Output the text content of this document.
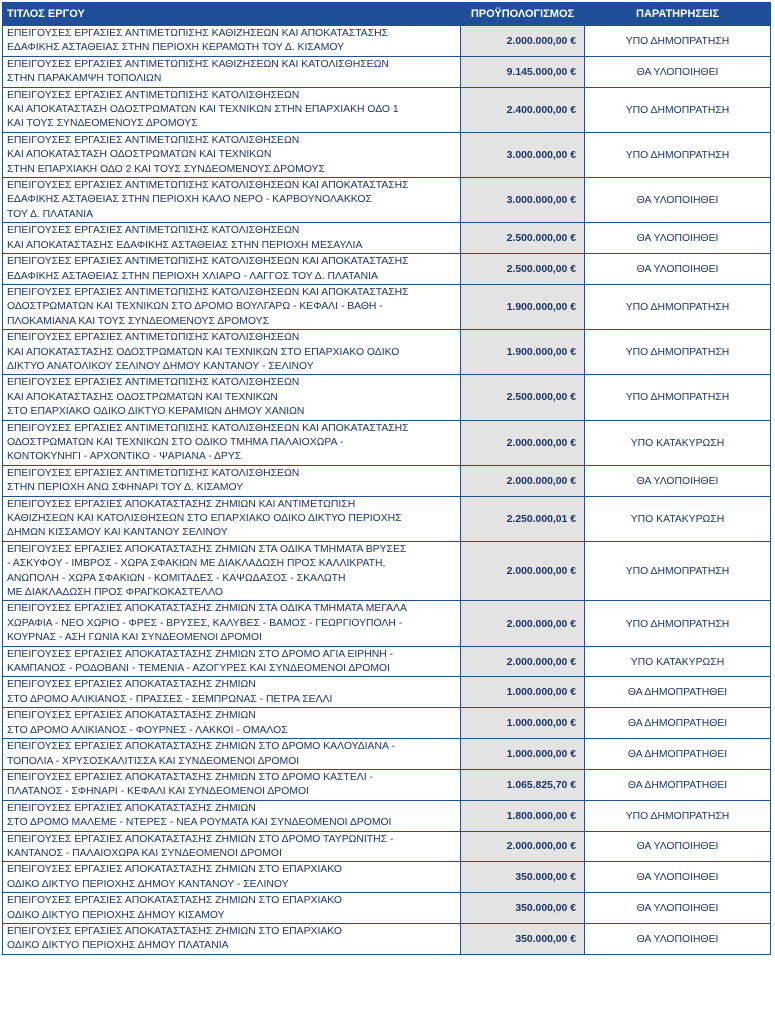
ΤΙΤΛΟΣ ΕΡΓΟΥ	ΠΡΟΫΠΟΛΟΓΙΣΜΟΣ	ΠΑΡΑΤΗΡΗΣΕΙΣ
ΕΠΕΙΓΟΥΣΕΣ ΕΡΓΑΣΙΕΣ ΑΝΤΙΜΕΤΩΠΙΣΗΣ ΚΑΘΙΖΗΣΕΩΝ ΚΑΙ ΑΠΟΚΑΤΑΣΤΑΣΗΣ
ΕΔΑΦΙΚΗΣ ΑΣΤΑΘΕΙΑΣ ΣΤΗΝ ΠΕΡΙΟΧΗ ΚΕΡΑΜΩΤΗ ΤΟΥ Δ. ΚΙΣΑΜΟΥ	2.000.000,00 €	ΥΠΟ ΔΗΜΟΠΡΑΤΗΣΗ
ΕΠΕΙΓΟΥΣΕΣ ΕΡΓΑΣΙΕΣ ΑΝΤΙΜΕΤΩΠΙΣΗΣ ΚΑΘΙΖΗΣΕΩΝ ΚΑΙ ΚΑΤΟΛΙΣΘΗΣΕΩΝ
ΣΤΗΝ ΠΑΡΑΚΑΜΨΗ ΤΟΠΟΛΙΩΝ	9.145.000,00 €	ΘΑ ΥΛΟΠΟΙΗΘΕΙ
ΕΠΕΙΓΟΥΣΕΣ ΕΡΓΑΣΙΕΣ ΑΝΤΙΜΕΤΩΠΙΣΗΣ ΚΑΤΟΛΙΣΘΗΣΕΩΝ
ΚΑΙ ΑΠΟΚΑΤΑΣΤΑΣΗ ΟΔΟΣΤΡΩΜΑΤΩΝ ΚΑΙ ΤΕΧΝΙΚΩΝ ΣΤΗΝ ΕΠΑΡΧΙΑΚΗ ΟΔΟ 1
ΚΑΙ ΤΟΥΣ ΣΥΝΔΕΟΜΕΝΟΥΣ ΔΡΟΜΟΥΣ	2.400.000,00 €	ΥΠΟ ΔΗΜΟΠΡΑΤΗΣΗ
ΕΠΕΙΓΟΥΣΕΣ ΕΡΓΑΣΙΕΣ ΑΝΤΙΜΕΤΩΠΙΣΗΣ ΚΑΤΟΛΙΣΘΗΣΕΩΝ
ΚΑΙ ΑΠΟΚΑΤΑΣΤΑΣΗ ΟΔΟΣΤΡΩΜΑΤΩΝ ΚΑΙ ΤΕΧΝΙΚΩΝ
ΣΤΗΝ ΕΠΑΡΧΙΑΚΗ ΟΔΟ 2 ΚΑΙ ΤΟΥΣ ΣΥΝΔΕΟΜΕΝΟΥΣ ΔΡΟΜΟΥΣ	3.000.000,00 €	ΥΠΟ ΔΗΜΟΠΡΑΤΗΣΗ
ΕΠΕΙΓΟΥΣΕΣ ΕΡΓΑΣΙΕΣ ΑΝΤΙΜΕΤΩΠΙΣΗΣ ΚΑΤΟΛΙΣΘΗΣΕΩΝ ΚΑΙ ΑΠΟΚΑΤΑΣΤΑΣΗΣ
ΕΔΑΦΙΚΗΣ ΑΣΤΑΘΕΙΑΣ ΣΤΗΝ ΠΕΡΙΟΧΗ ΚΑΛΟ ΝΕΡΟ - ΚΑΡΒΟΥΝΟΛΑΚΚΟΣ
ΤΟΥ Δ. ΠΛΑΤΑΝΙΑ	3.000.000,00 €	ΘΑ ΥΛΟΠΟΙΗΘΕΙ
ΕΠΕΙΓΟΥΣΕΣ ΕΡΓΑΣΙΕΣ ΑΝΤΙΜΕΤΩΠΙΣΗΣ ΚΑΤΟΛΙΣΘΗΣΕΩΝ
ΚΑΙ ΑΠΟΚΑΤΑΣΤΑΣΗΣ ΕΔΑΦΙΚΗΣ ΑΣΤΑΘΕΙΑΣ ΣΤΗΝ ΠΕΡΙΟΧΗ ΜΕΣΑΥΛΙΑ	2.500.000,00 €	ΘΑ ΥΛΟΠΟΙΗΘΕΙ
ΕΠΕΙΓΟΥΣΕΣ ΕΡΓΑΣΙΕΣ ΑΝΤΙΜΕΤΩΠΙΣΗΣ ΚΑΤΟΛΙΣΘΗΣΕΩΝ ΚΑΙ ΑΠΟΚΑΤΑΣΤΑΣΗΣ
ΕΔΑΦΙΚΗΣ ΑΣΤΑΘΕΙΑΣ ΣΤΗΝ ΠΕΡΙΟΧΗ ΧΛΙΑΡΟ - ΛΑΓΓΟΣ ΤΟΥ Δ. ΠΛΑΤΑΝΙΑ	2.500.000,00 €	ΘΑ ΥΛΟΠΟΙΗΘΕΙ
ΕΠΕΙΓΟΥΣΕΣ ΕΡΓΑΣΙΕΣ ΑΝΤΙΜΕΤΩΠΙΣΗΣ ΚΑΤΟΛΙΣΘΗΣΕΩΝ ΚΑΙ ΑΠΟΚΑΤΑΣΤΑΣΗΣ
ΟΔΟΣΤΡΩΜΑΤΩΝ ΚΑΙ ΤΕΧΝΙΚΩΝ ΣΤΟ ΔΡΟΜΟ ΒΟΥΛΓΑΡΩ - ΚΕΦΑΛΙ - ΒΑΘΗ -
ΠΛΟΚΑΜΙΑΝΑ ΚΑΙ ΤΟΥΣ ΣΥΝΔΕΟΜΕΝΟΥΣ ΔΡΟΜΟΥΣ	1.900.000,00 €	ΥΠΟ ΔΗΜΟΠΡΑΤΗΣΗ
ΕΠΕΙΓΟΥΣΕΣ ΕΡΓΑΣΙΕΣ ΑΝΤΙΜΕΤΩΠΙΣΗΣ ΚΑΤΟΛΙΣΘΗΣΕΩΝ
ΚΑΙ ΑΠΟΚΑΤΑΣΤΑΣΗΣ ΟΔΟΣΤΡΩΜΑΤΩΝ ΚΑΙ ΤΕΧΝΙΚΩΝ ΣΤΟ ΕΠΑΡΧΙΑΚΟ ΟΔΙΚΟ
ΔΙΚΤΥΟ ΑΝΑΤΟΛΙΚΟΥ ΣΕΛΙΝΟΥ ΔΗΜΟΥ ΚΑΝΤΑΝΟΥ - ΣΕΛΙΝΟΥ	1.900.000,00 €	ΥΠΟ ΔΗΜΟΠΡΑΤΗΣΗ
ΕΠΕΙΓΟΥΣΕΣ ΕΡΓΑΣΙΕΣ ΑΝΤΙΜΕΤΩΠΙΣΗΣ ΚΑΤΟΛΙΣΘΗΣΕΩΝ
ΚΑΙ ΑΠΟΚΑΤΑΣΤΑΣΗΣ ΟΔΟΣΤΡΩΜΑΤΩΝ ΚΑΙ ΤΕΧΝΙΚΩΝ
ΣΤΟ ΕΠΑΡΧΙΑΚΟ ΟΔΙΚΟ ΔΙΚΤΥΟ ΚΕΡΑΜΙΩΝ ΔΗΜΟΥ ΧΑΝΙΩΝ	2.500.000,00 €	ΥΠΟ ΔΗΜΟΠΡΑΤΗΣΗ
ΕΠΕΙΓΟΥΣΕΣ ΕΡΓΑΣΙΕΣ ΑΝΤΙΜΕΤΩΠΙΣΗΣ ΚΑΤΟΛΙΣΘΗΣΕΩΝ ΚΑΙ ΑΠΟΚΑΤΑΣΤΑΣΗΣ
ΟΔΟΣΤΡΩΜΑΤΩΝ ΚΑΙ ΤΕΧΝΙΚΩΝ ΣΤΟ ΟΔΙΚΟ ΤΜΗΜΑ ΠΑΛΑΙΟΧΩΡΑ -
ΚΟΝΤΟΚΥΝΗΓΙ - ΑΡΧΟΝΤΙΚΟ - ΨΑΡΙΑΝΑ - ΔΡΥΣ	2.000.000,00 €	ΥΠΟ ΚΑΤΑΚΥΡΩΣΗ
ΕΠΕΙΓΟΥΣΕΣ ΕΡΓΑΣΙΕΣ ΑΝΤΙΜΕΤΩΠΙΣΗΣ ΚΑΤΟΛΙΣΘΗΣΕΩΝ
ΣΤΗΝ ΠΕΡΙΟΧΗ ΑΝΩ ΣΦΗΝΑΡΙ ΤΟΥ Δ. ΚΙΣΑΜΟΥ	2.000.000,00 €	ΘΑ ΥΛΟΠΟΙΗΘΕΙ
ΕΠΕΙΓΟΥΣΕΣ ΕΡΓΑΣΙΕΣ ΑΠΟΚΑΤΑΣΤΑΣΗΣ ΖΗΜΙΩΝ ΚΑΙ ΑΝΤΙΜΕΤΩΠΙΣΗ
ΚΑΘΙΖΗΣΕΩΝ ΚΑΙ ΚΑΤΟΛΙΣΘΗΣΕΩΝ ΣΤΟ ΕΠΑΡΧΙΑΚΟ ΟΔΙΚΟ ΔΙΚΤΥΟ ΠΕΡΙΟΧΗΣ
ΔΗΜΩΝ ΚΙΣΣΑΜΟΥ ΚΑΙ ΚΑΝΤΑΝΟΥ ΣΕΛΙΝΟΥ	2.250.000,01 €	ΥΠΟ ΚΑΤΑΚΥΡΩΣΗ
ΕΠΕΙΓΟΥΣΕΣ ΕΡΓΑΣΙΕΣ ΑΠΟΚΑΤΑΣΤΑΣΗΣ ΖΗΜΙΩΝ ΣΤΑ ΟΔΙΚΑ ΤΜΗΜΑΤΑ ΒΡΥΣΕΣ
- ΑΣΚΥΦΟΥ - ΙΜΒΡΟΣ - ΧΩΡΑ ΣΦΑΚΙΩΝ ΜΕ ΔΙΑΚΛΑΔΩΣΗ ΠΡΟΣ ΚΑΛΛΙΚΡΑΤΗ,
ΑΝΩΠΟΛΗ - ΧΩΡΑ ΣΦΑΚΙΩΝ - ΚΟΜΙΤΑΔΕΣ - ΚΑΨΩΔΑΣΟΣ - ΣΚΑΛΩΤΗ
ΜΕ ΔΙΑΚΛΑΔΩΣΗ ΠΡΟΣ ΦΡΑΓΚΟΚΑΣΤΕΛΛΟ	2.000.000,00 €	ΥΠΟ ΔΗΜΟΠΡΑΤΗΣΗ
ΕΠΕΙΓΟΥΣΕΣ ΕΡΓΑΣΙΕΣ ΑΠΟΚΑΤΑΣΤΑΣΗΣ ΖΗΜΙΩΝ ΣΤΑ ΟΔΙΚΑ ΤΜΗΜΑΤΑ ΜΕΓΑΛΑ
ΧΩΡΑΦΙΑ - ΝΕΟ ΧΩΡΙΟ - ΦΡΕΣ - ΒΡΥΣΕΣ, ΚΑΛΥΒΕΣ - ΒΑΜΟΣ - ΓΕΩΡΓΙΟΥΠΟΛΗ -
ΚΟΥΡΝΑΣ - ΑΣΗ ΓΩΝΙΑ ΚΑΙ ΣΥΝΔΕΟΜΕΝΟΙ ΔΡΟΜΟΙ	2.000.000,00 €	ΥΠΟ ΔΗΜΟΠΡΑΤΗΣΗ
ΕΠΕΙΓΟΥΣΕΣ ΕΡΓΑΣΙΕΣ ΑΠΟΚΑΤΑΣΤΑΣΗΣ ΖΗΜΙΩΝ ΣΤΟ ΔΡΟΜΟ ΑΓΙΑ ΕΙΡΗΝΗ -
ΚΑΜΠΑΝΟΣ - ΡΟΔΟΒΑΝΙ - ΤΕΜΕΝΙΑ - ΑΖΟΓΥΡΕΣ ΚΑΙ ΣΥΝΔΕΟΜΕΝΟΙ ΔΡΟΜΟΙ	2.000.000,00 €	ΥΠΟ ΚΑΤΑΚΥΡΩΣΗ
ΕΠΕΙΓΟΥΣΕΣ ΕΡΓΑΣΙΕΣ ΑΠΟΚΑΤΑΣΤΑΣΗΣ ΖΗΜΙΩΝ
ΣΤΟ ΔΡΟΜΟ ΑΛΙΚΙΑΝΟΣ - ΠΡΑΣΣΕΣ - ΣΕΜΠΡΩΝΑΣ - ΠΕΤΡΑ ΣΕΛΛΙ	1.000.000,00 €	ΘΑ ΔΗΜΟΠΡΑΤΗΘΕΙ
ΕΠΕΙΓΟΥΣΕΣ ΕΡΓΑΣΙΕΣ ΑΠΟΚΑΤΑΣΤΑΣΗΣ ΖΗΜΙΩΝ
ΣΤΟ ΔΡΟΜΟ ΑΛΙΚΙΑΝΟΣ - ΦΟΥΡΝΕΣ - ΛΑΚΚΟΙ - ΟΜΑΛΟΣ	1.000.000,00 €	ΘΑ ΔΗΜΟΠΡΑΤΗΘΕΙ
ΕΠΕΙΓΟΥΣΕΣ ΕΡΓΑΣΙΕΣ ΑΠΟΚΑΤΑΣΤΑΣΗΣ ΖΗΜΙΩΝ ΣΤΟ ΔΡΟΜΟ ΚΑΛΟΥΔΙΑΝΑ -
ΤΟΠΟΛΙΑ - ΧΡΥΣΟΣΚΑΛΙΤΙΣΣΑ ΚΑΙ ΣΥΝΔΕΟΜΕΝΟΙ ΔΡΟΜΟΙ	1.000.000,00 €	ΘΑ ΔΗΜΟΠΡΑΤΗΘΕΙ
ΕΠΕΙΓΟΥΣΕΣ ΕΡΓΑΣΙΕΣ ΑΠΟΚΑΤΑΣΤΑΣΗΣ ΖΗΜΙΩΝ ΣΤΟ ΔΡΟΜΟ ΚΑΣΤΕΛΙ -
ΠΛΑΤΑΝΟΣ - ΣΦΗΝΑΡΙ - ΚΕΦΑΛΙ ΚΑΙ ΣΥΝΔΕΟΜΕΝΟΙ ΔΡΟΜΟΙ	1.065.825,70 €	ΘΑ ΔΗΜΟΠΡΑΤΗΘΕΙ
ΕΠΕΙΓΟΥΣΕΣ ΕΡΓΑΣΙΕΣ ΑΠΟΚΑΤΑΣΤΑΣΗΣ ΖΗΜΙΩΝ
ΣΤΟ ΔΡΟΜΟ ΜΑΛΕΜΕ - ΝΤΕΡΕΣ - ΝΕΑ ΡΟΥΜΑΤΑ ΚΑΙ ΣΥΝΔΕΟΜΕΝΟΙ ΔΡΟΜΟΙ	1.800.000,00 €	ΥΠΟ ΔΗΜΟΠΡΑΤΗΣΗ
ΕΠΕΙΓΟΥΣΕΣ ΕΡΓΑΣΙΕΣ ΑΠΟΚΑΤΑΣΤΑΣΗΣ ΖΗΜΙΩΝ ΣΤΟ ΔΡΟΜΟ ΤΑΥΡΩΝΙΤΗΣ -
ΚΑΝΤΑΝΟΣ - ΠΑΛΑΙΟΧΩΡΑ ΚΑΙ ΣΥΝΔΕΟΜΕΝΟΙ ΔΡΟΜΟΙ	2.000.000,00 €	ΘΑ ΥΛΟΠΟΙΗΘΕΙ
ΕΠΕΙΓΟΥΣΕΣ ΕΡΓΑΣΙΕΣ ΑΠΟΚΑΤΑΣΤΑΣΗΣ ΖΗΜΙΩΝ ΣΤΟ ΕΠΑΡΧΙΑΚΟ
ΟΔΙΚΟ ΔΙΚΤΥΟ ΠΕΡΙΟΧΗΣ ΔΗΜΟΥ ΚΑΝΤΑΝΟΥ - ΣΕΛΙΝΟΥ	350.000,00 €	ΘΑ ΥΛΟΠΟΙΗΘΕΙ
ΕΠΕΙΓΟΥΣΕΣ ΕΡΓΑΣΙΕΣ ΑΠΟΚΑΤΑΣΤΑΣΗΣ ΖΗΜΙΩΝ ΣΤΟ ΕΠΑΡΧΙΑΚΟ
ΟΔΙΚΟ ΔΙΚΤΥΟ ΠΕΡΙΟΧΗΣ ΔΗΜΟΥ ΚΙΣΑΜΟΥ	350.000,00 €	ΘΑ ΥΛΟΠΟΙΗΘΕΙ
ΕΠΕΙΓΟΥΣΕΣ ΕΡΓΑΣΙΕΣ ΑΠΟΚΑΤΑΣΤΑΣΗΣ ΖΗΜΙΩΝ ΣΤΟ ΕΠΑΡΧΙΑΚΟ
ΟΔΙΚΟ ΔΙΚΤΥΟ ΠΕΡΙΟΧΗΣ ΔΗΜΟΥ ΠΛΑΤΑΝΙΑ	350.000,00 €	ΘΑ ΥΛΟΠΟΙΗΘΕΙ
